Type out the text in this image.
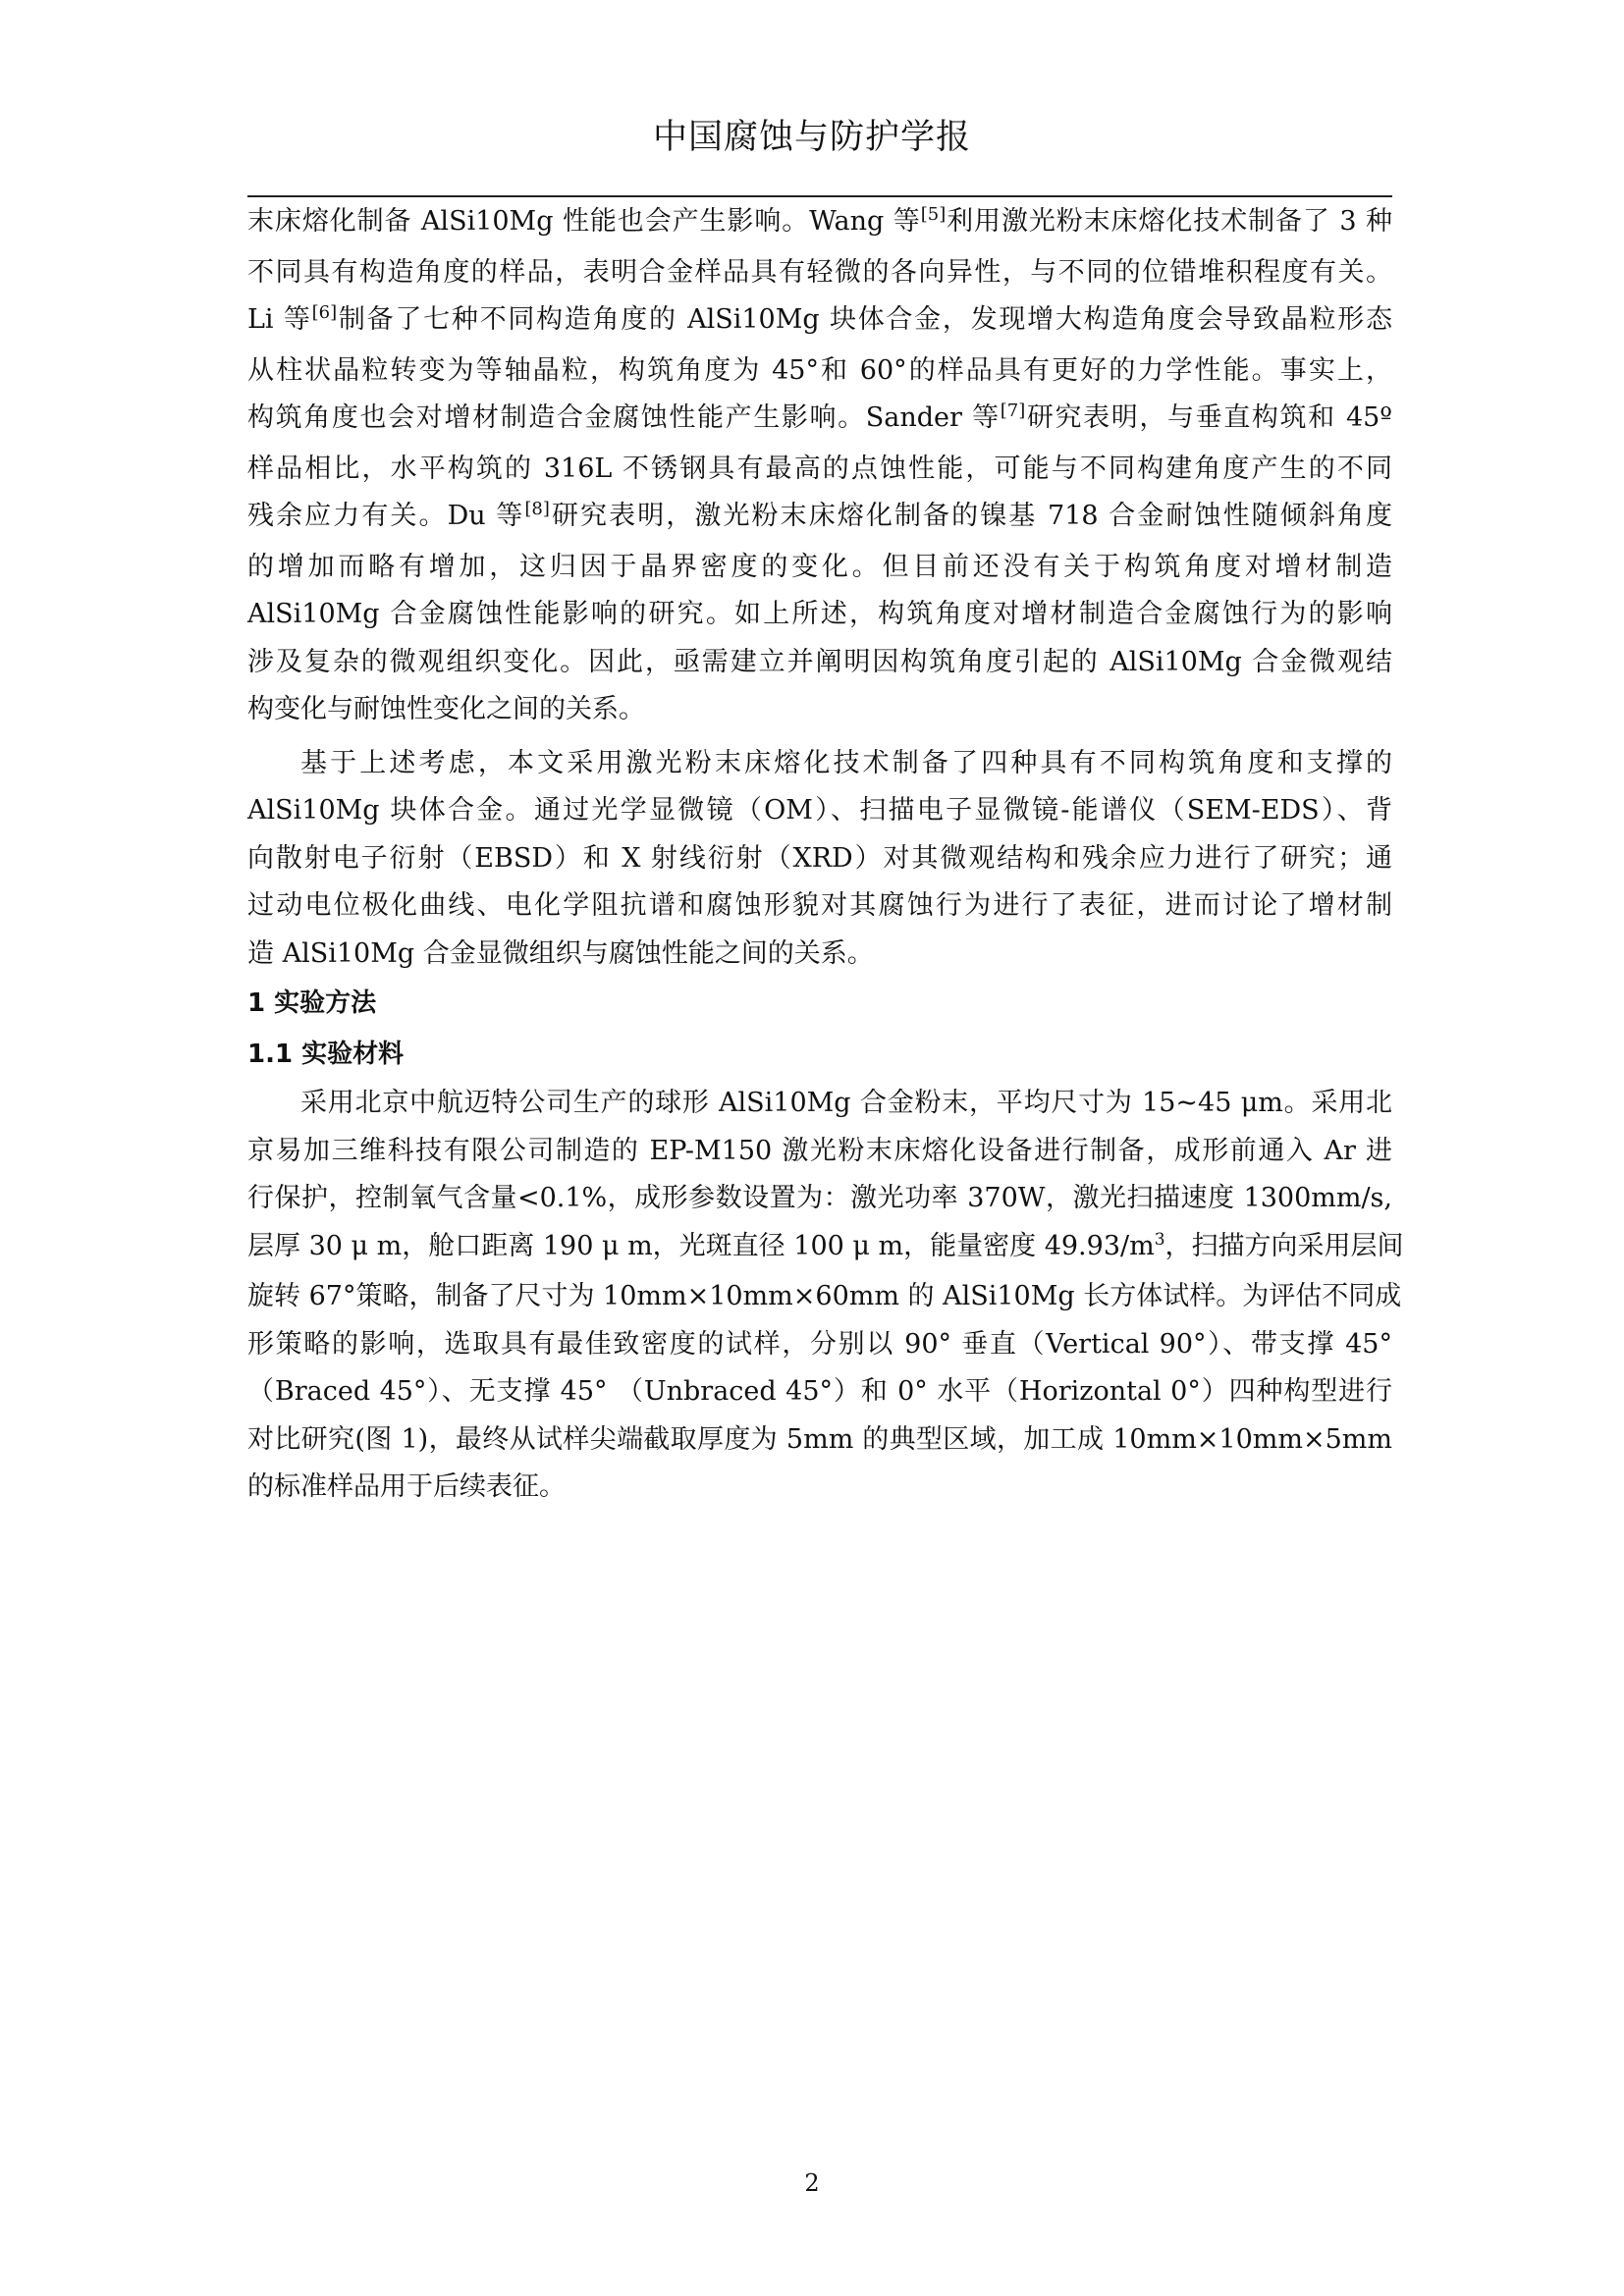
中国腐蚀与防护学报
末床熔化制备 AlSi10Mg 性能也会产生影响。Wang 等[5]利用激光粉末床熔化技术制备了 3 种
不同具有构造角度的样品，表明合金样品具有轻微的各向异性，与不同的位错堆积程度有关。
Li 等[6]制备了七种不同构造角度的 AlSi10Mg 块体合金，发现增大构造角度会导致晶粒形态
从柱状晶粒转变为等轴晶粒，构筑角度为 45°和 60°的样品具有更好的力学性能。事实上，
构筑角度也会对增材制造合金腐蚀性能产生影响。Sander 等[7]研究表明，与垂直构筑和 45º
样品相比，水平构筑的 316L 不锈钢具有最高的点蚀性能，可能与不同构建角度产生的不同
残余应力有关。Du 等[8]研究表明，激光粉末床熔化制备的镍基 718 合金耐蚀性随倾斜角度
的增加而略有增加，这归因于晶界密度的变化。但目前还没有关于构筑角度对增材制造
AlSi10Mg 合金腐蚀性能影响的研究。如上所述，构筑角度对增材制造合金腐蚀行为的影响
涉及复杂的微观组织变化。因此，亟需建立并阐明因构筑角度引起的 AlSi10Mg 合金微观结
构变化与耐蚀性变化之间的关系。
基于上述考虑，本文采用激光粉末床熔化技术制备了四种具有不同构筑角度和支撑的
AlSi10Mg 块体合金。通过光学显微镜（OM）、扫描电子显微镜-能谱仪（SEM-EDS）、背
向散射电子衍射（EBSD）和 X 射线衍射（XRD）对其微观结构和残余应力进行了研究；通
过动电位极化曲线、电化学阻抗谱和腐蚀形貌对其腐蚀行为进行了表征，进而讨论了增材制
造 AlSi10Mg 合金显微组织与腐蚀性能之间的关系。
1 实验方法
1.1 实验材料
采用北京中航迈特公司生产的球形 AlSi10Mg 合金粉末，平均尺寸为 15~45 μm。采用北
京易加三维科技有限公司制造的 EP-M150 激光粉末床熔化设备进行制备，成形前通入 Ar 进
行保护，控制氧气含量<0.1%，成形参数设置为：激光功率 370W，激光扫描速度 1300mm/s,
层厚 30 μ m，舱口距离 190 μ m，光斑直径 100 μ m，能量密度 $49.93/m^3$，扫描方向采用层间
旋转 67°策略，制备了尺寸为 10mm×10mm×60mm 的 AlSi10Mg 长方体试样。为评估不同成
形策略的影响，选取具有最佳致密度的试样，分别以 90° 垂直（Vertical 90°）、带支撑 45°
（Braced 45°）、无支撑 45° （Unbraced 45°）和 0° 水平（Horizontal 0°）四种构型进行
对比研究(图 1)，最终从试样尖端截取厚度为 5mm 的典型区域，加工成 10mm×10mm×5mm
的标准样品用于后续表征。
2
